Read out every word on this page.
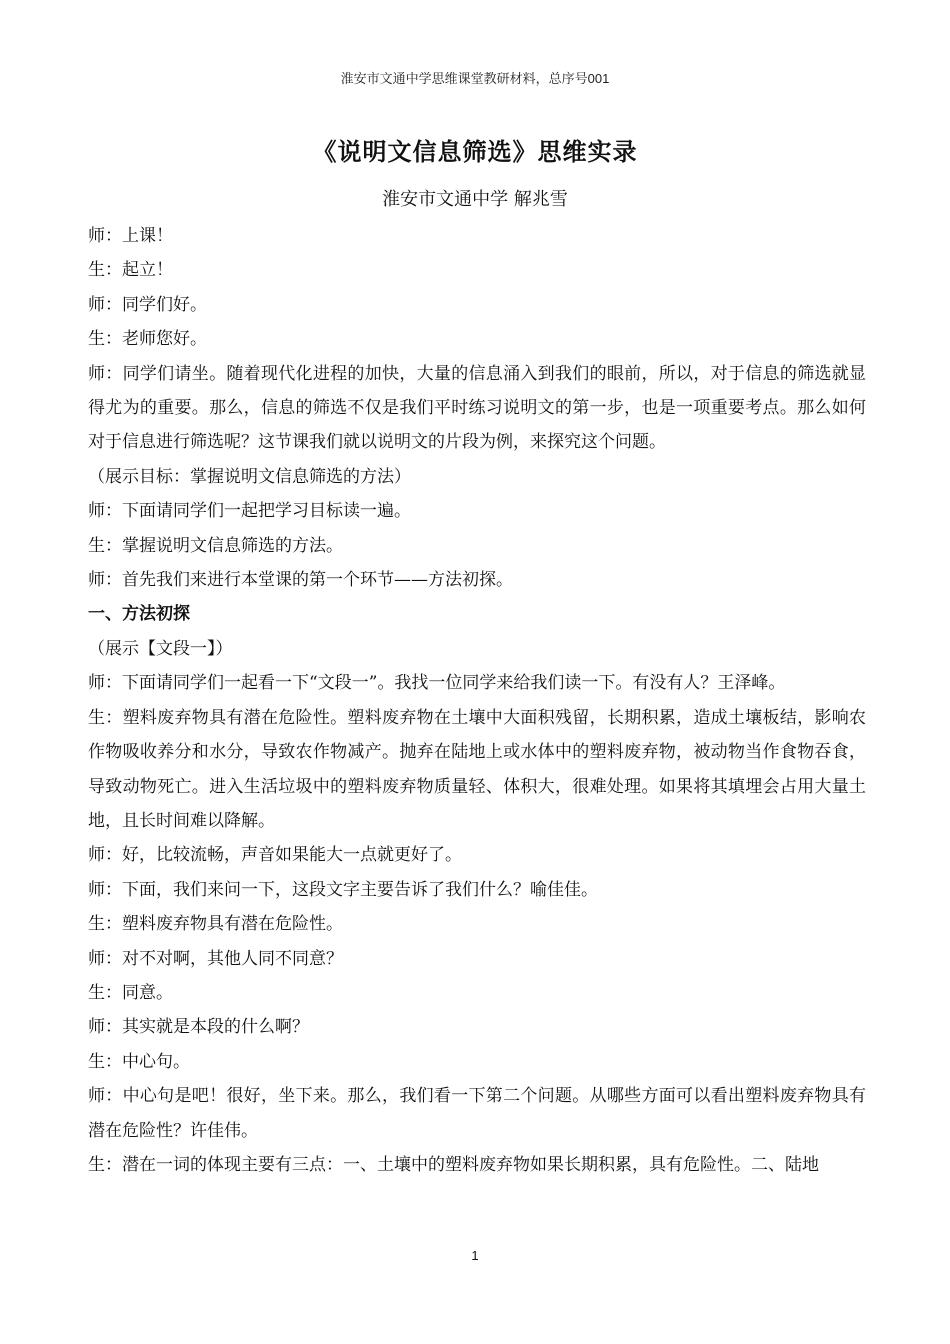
淮安市文通中学思维课堂教研材料，总序号001
《说明文信息筛选》思维实录
淮安市文通中学 解兆雪

师：上课！

生：起立！

师：同学们好。

生：老师您好。

师：同学们请坐。随着现代化进程的加快，大量的信息涌入到我们的眼前，所以，对于信息的筛选就显得尤为的重要。那么，信息的筛选不仅是我们平时练习说明文的第一步，也是一项重要考点。那么如何对于信息进行筛选呢？这节课我们就以说明文的片段为例，来探究这个问题。

（展示目标：掌握说明文信息筛选的方法）

师：下面请同学们一起把学习目标读一遍。

生：掌握说明文信息筛选的方法。

师：首先我们来进行本堂课的第一个环节——方法初探。

一、方法初探

（展示【文段一】）

师：下面请同学们一起看一下“文段一”。我找一位同学来给我们读一下。有没有人？王泽峰。

生：塑料废弃物具有潜在危险性。塑料废弃物在土壤中大面积残留，长期积累，造成土壤板结，影响农作物吸收养分和水分，导致农作物减产。抛弃在陆地上或水体中的塑料废弃物，被动物当作食物吞食，导致动物死亡。进入生活垃圾中的塑料废弃物质量轻、体积大，很难处理。如果将其填埋会占用大量土地，且长时间难以降解。

师：好，比较流畅，声音如果能大一点就更好了。

师：下面，我们来问一下，这段文字主要告诉了我们什么？喻佳佳。

生：塑料废弃物具有潜在危险性。

师：对不对啊，其他人同不同意？

生：同意。

师：其实就是本段的什么啊？

生：中心句。

师：中心句是吧！很好，坐下来。那么，我们看一下第二个问题。从哪些方面可以看出塑料废弃物具有潜在危险性？许佳伟。

生：潜在一词的体现主要有三点：一、土壤中的塑料废弃物如果长期积累，具有危险性。二、陆地

1
